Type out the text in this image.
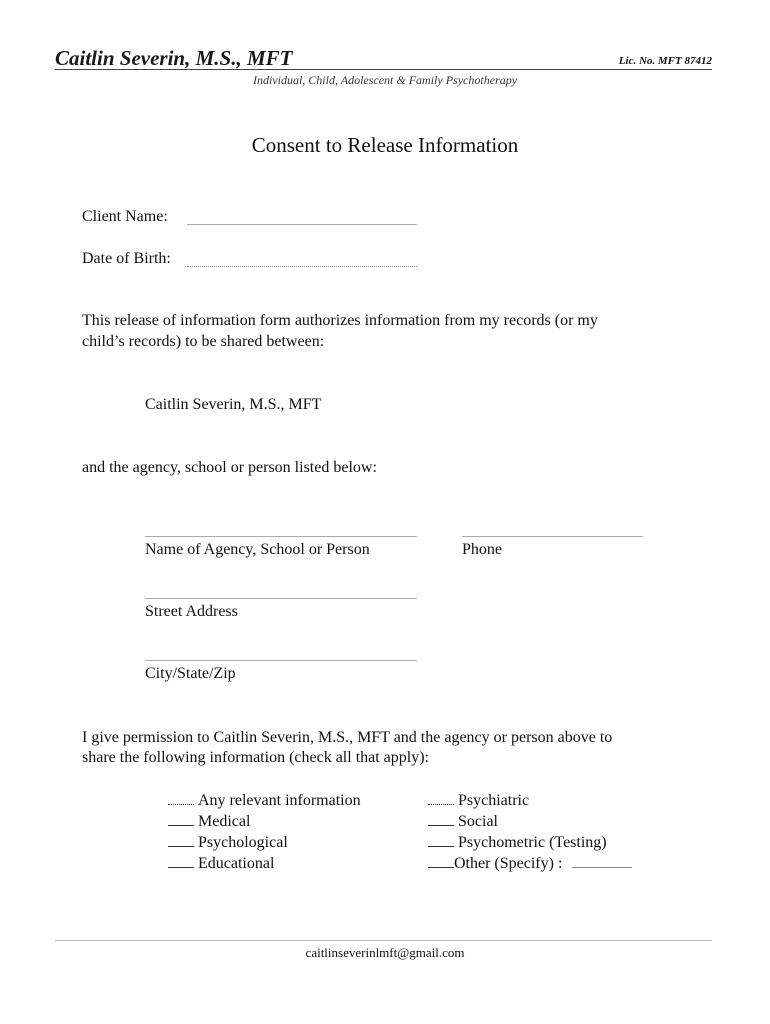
Caitlin Severin, M.S., MFT	Lic. No. MFT 87412
Individual, Child, Adolescent & Family Psychotherapy
Consent to Release Information
Client Name:
Date of Birth:
This release of information form authorizes information from my records (or my
child’s records) to be shared between:
Caitlin Severin, M.S., MFT
and the agency, school or person listed below:
Name of Agency, School or Person	Phone
Street Address
City/State/Zip
I give permission to Caitlin Severin, M.S., MFT and the agency or person above to
share the following information (check all that apply):
Any relevant information
Medical
Psychological
Educational
Psychiatric
Social
Psychometric (Testing)
Other (Specify) :
caitlinseverinlmft@gmail.com
